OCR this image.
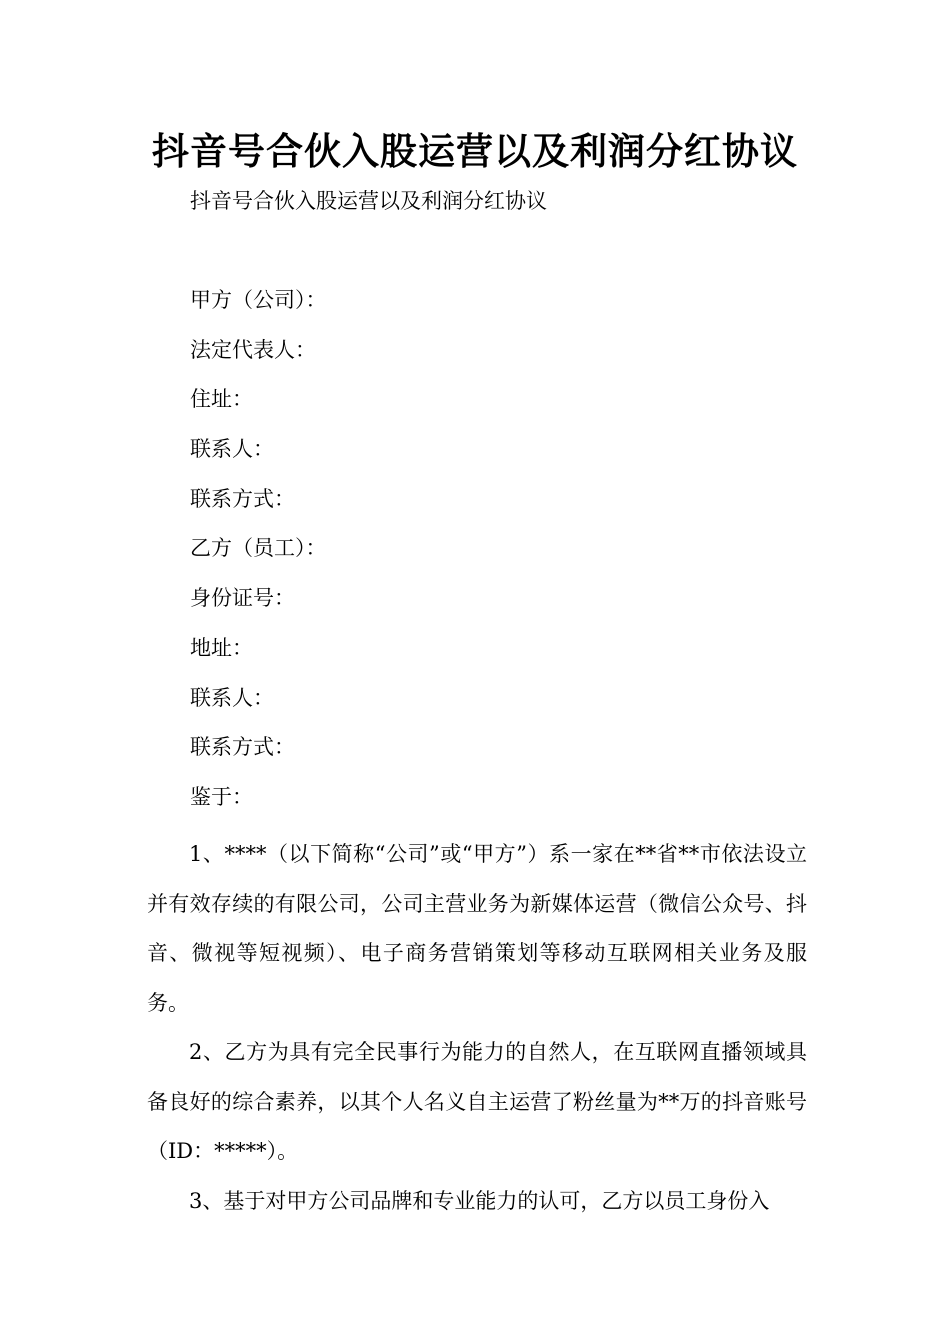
抖音号合伙入股运营以及利润分红协议
抖音号合伙入股运营以及利润分红协议
甲方（公司）：
法定代表人：
住址：
联系人：
联系方式：
乙方（员工）：
身份证号：
地址：
联系人：
联系方式：
鉴于：

1、****（以下简称“公司”或“甲方”）系一家在**省**市依法设立并有效存续的有限公司，公司主营业务为新媒体运营（微信公众号、抖音、微视等短视频）、电子商务营销策划等移动互联网相关业务及服务。

2、乙方为具有完全民事行为能力的自然人，在互联网直播领域具备良好的综合素养，以其个人名义自主运营了粉丝量为**万的抖音账号（ID：*****）。

3、基于对甲方公司品牌和专业能力的认可，乙方以员工身份入
